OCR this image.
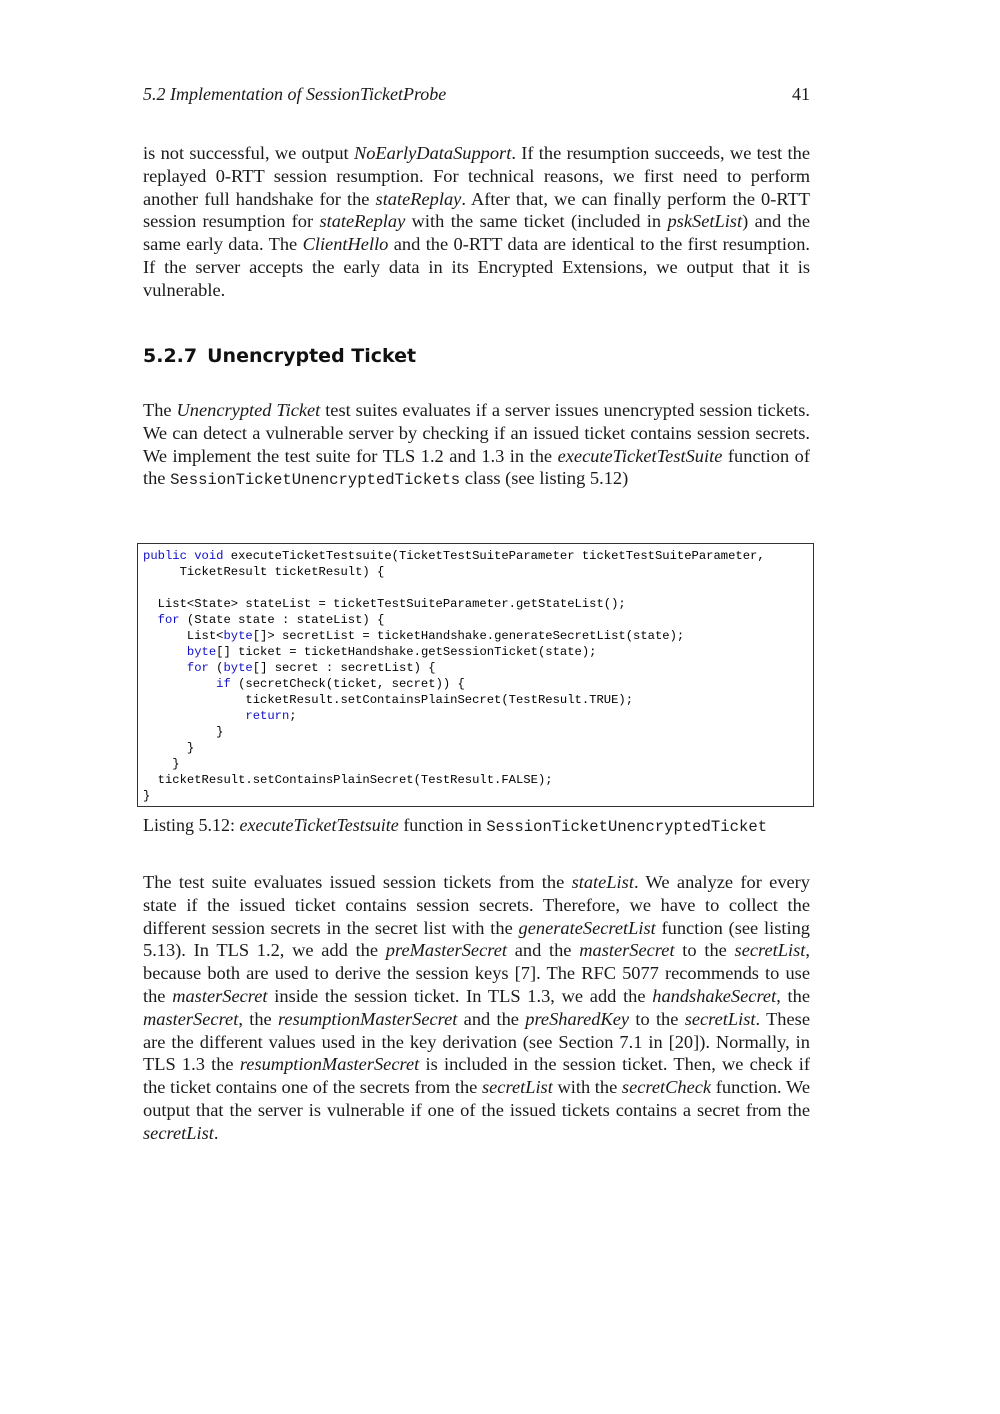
5.2 Implementation of SessionTicketProbe	41
is not successful, we output NoEarlyDataSupport. If the resumption succeeds, we test the replayed 0-RTT session resumption. For technical reasons, we first need to perform another full handshake for the stateReplay. After that, we can finally perform the 0-RTT session resumption for stateReplay with the same ticket (included in pskSetList) and the same early data. The ClientHello and the 0-RTT data are identical to the first resumption. If the server accepts the early data in its Encrypted Extensions, we output that it is vulnerable.
5.2.7 Unencrypted Ticket
The Unencrypted Ticket test suites evaluates if a server issues unencrypted session tickets. We can detect a vulnerable server by checking if an issued ticket contains session secrets. We implement the test suite for TLS 1.2 and 1.3 in the executeTicketTestSuite function of the SessionTicketUnencryptedTickets class (see listing 5.12)
public void executeTicketTestsuite(TicketTestSuiteParameter ticketTestSuiteParameter,
TicketResult ticketResult) {
List<State> stateList = ticketTestSuiteParameter.getStateList();
for (State state : stateList) {
List<byte[]> secretList = ticketHandshake.generateSecretList(state);
byte[] ticket = ticketHandshake.getSessionTicket(state);
for (byte[] secret : secretList) {
if (secretCheck(ticket, secret)) {
ticketResult.setContainsPlainSecret(TestResult.TRUE);
return;
}
}
}
ticketResult.setContainsPlainSecret(TestResult.FALSE);
}
Listing 5.12: executeTicketTestsuite function in SessionTicketUnencryptedTicket
The test suite evaluates issued session tickets from the stateList. We analyze for every state if the issued ticket contains session secrets. Therefore, we have to collect the different session secrets in the secret list with the generateSecretList function (see listing 5.13). In TLS 1.2, we add the preMasterSecret and the masterSecret to the secretList, because both are used to derive the session keys [7]. The RFC 5077 recommends to use the masterSecret inside the session ticket. In TLS 1.3, we add the handshakeSecret, the masterSecret, the resumptionMasterSecret and the preSharedKey to the secretList. These are the different values used in the key derivation (see Section 7.1 in [20]). Normally, in TLS 1.3 the resumptionMasterSecret is included in the session ticket. Then, we check if the ticket contains one of the secrets from the secretList with the secretCheck function. We output that the server is vulnerable if one of the issued tickets contains a secret from the secretList.
